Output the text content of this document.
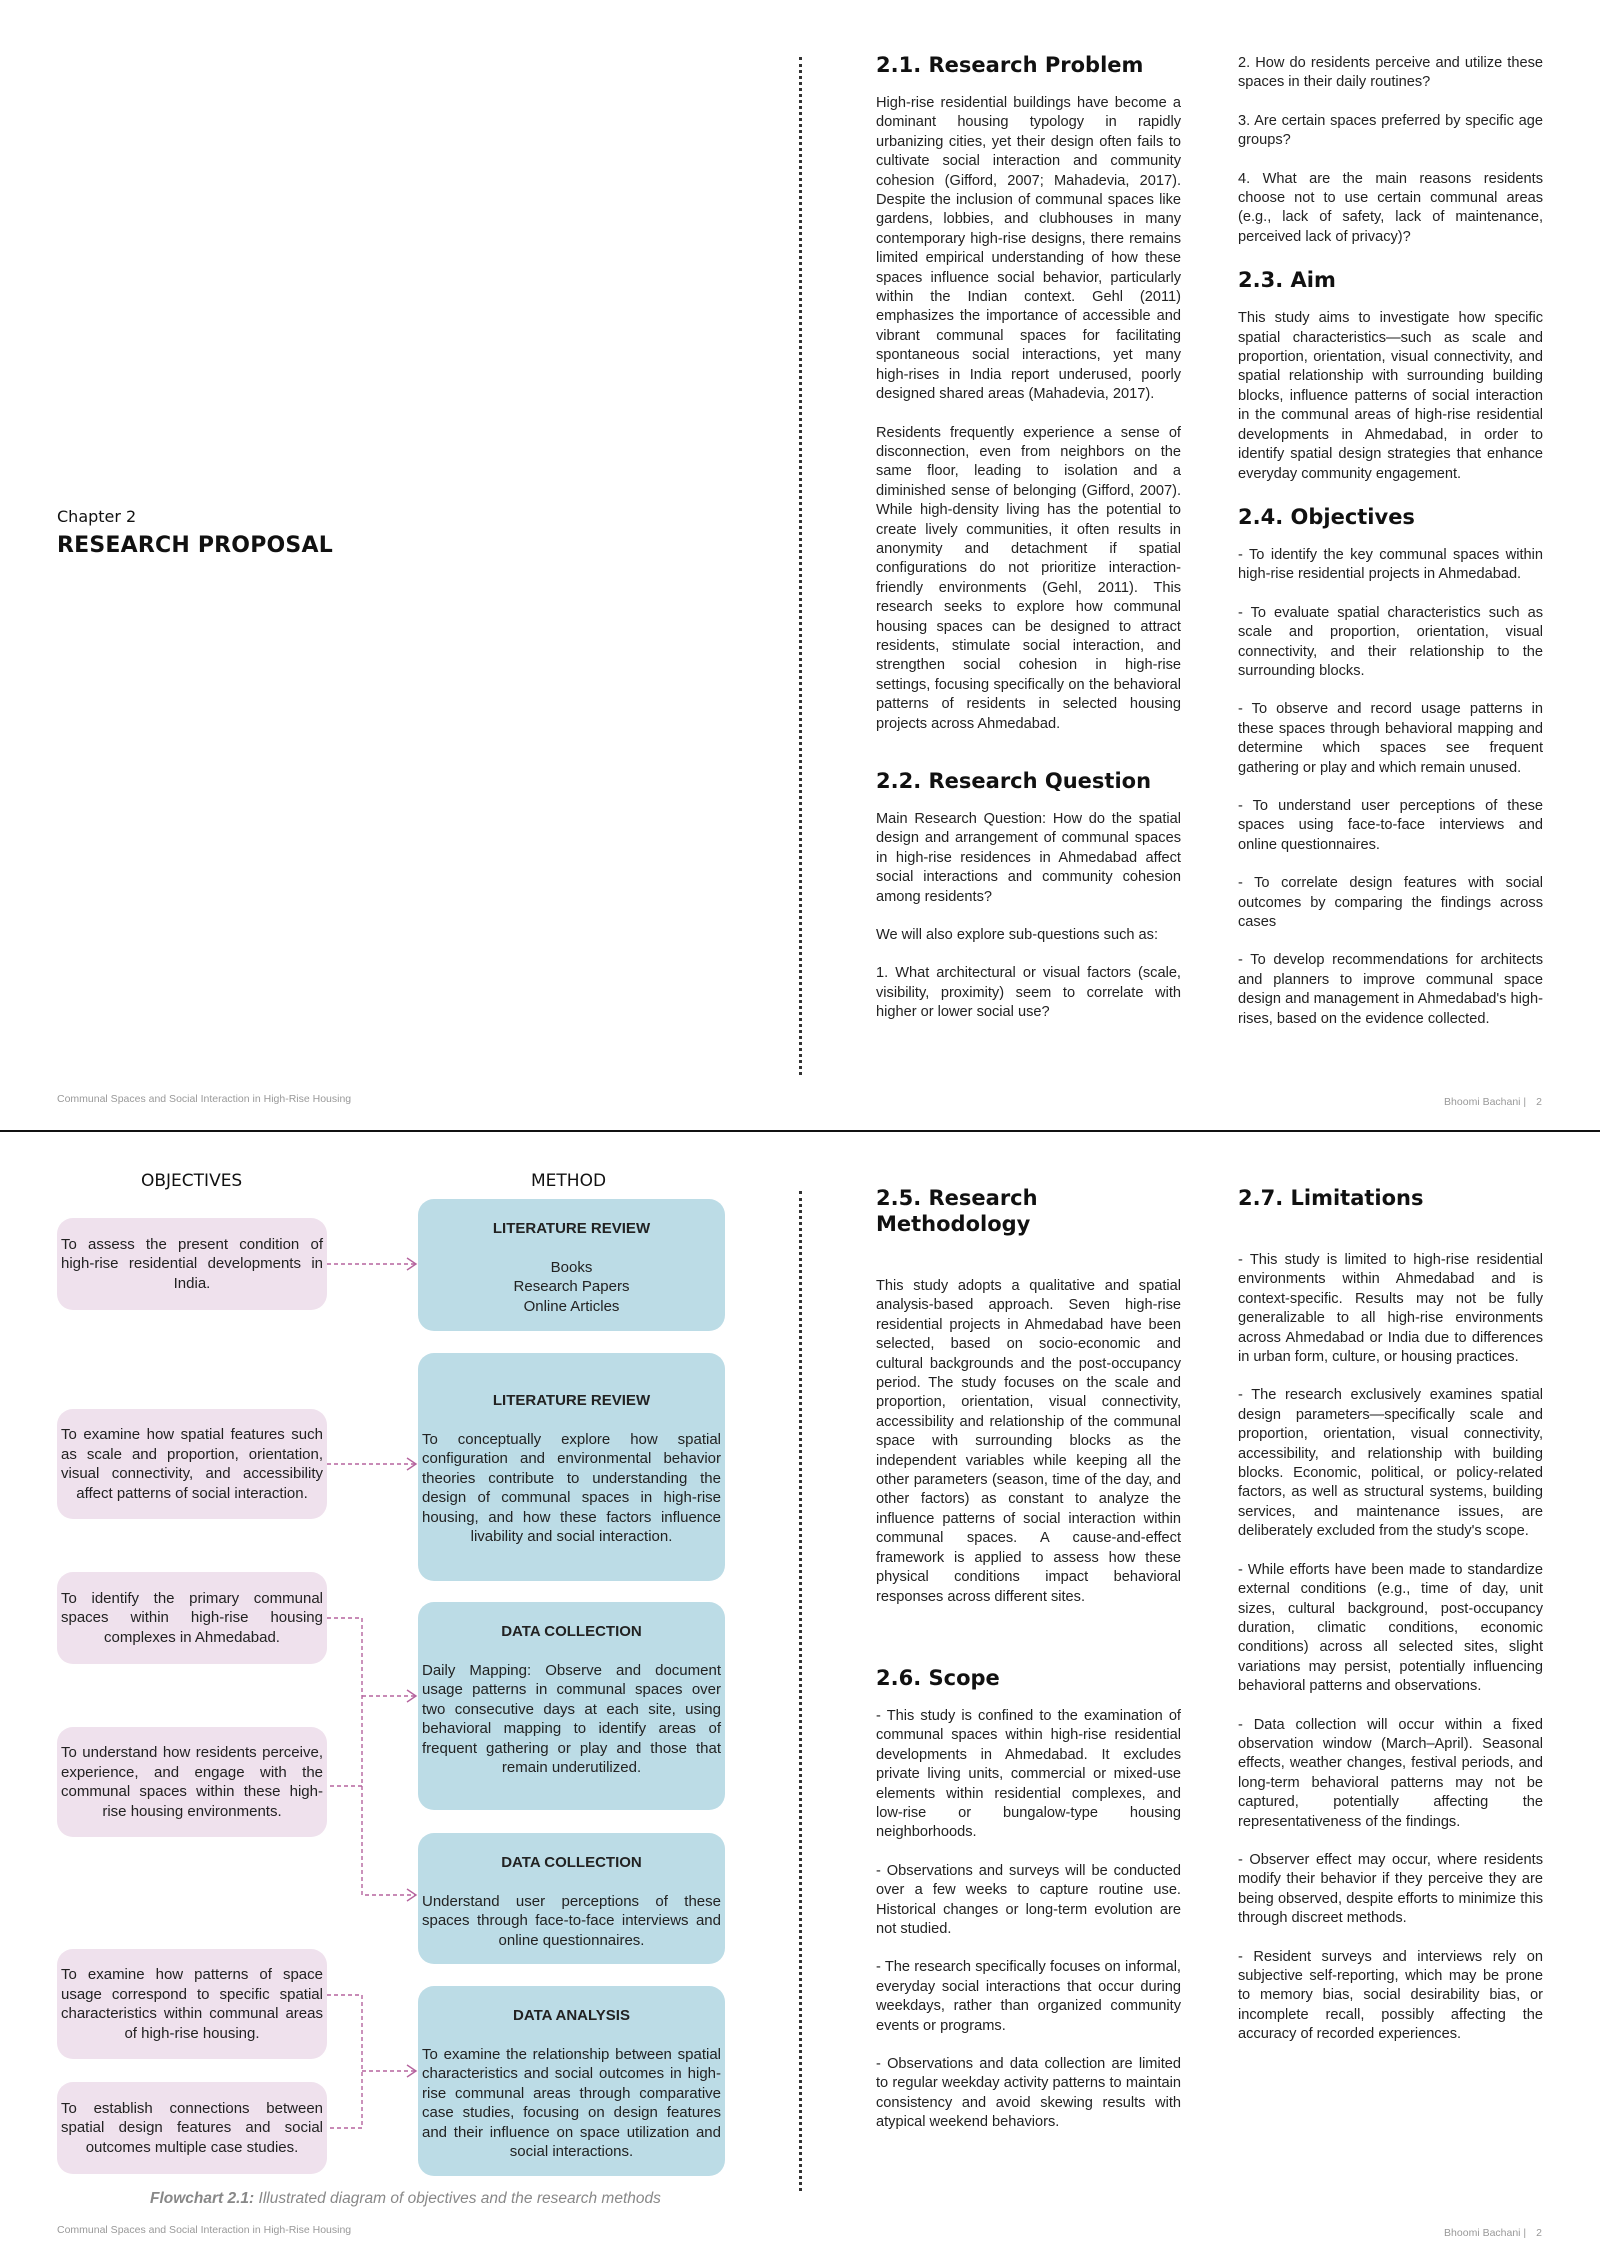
Chapter 2
RESEARCH PROPOSAL
2.1. Research Problem

High-rise residential buildings have become a dominant housing typology in rapidly urbanizing cities, yet their design often fails to cultivate social interaction and community cohesion (Gifford, 2007; Mahadevia, 2017). Despite the inclusion of communal spaces like gardens, lobbies, and clubhouses in many contemporary high-rise designs, there remains limited empirical understanding of how these spaces influence social behavior, particularly within the Indian context. Gehl (2011) emphasizes the importance of accessible and vibrant communal spaces for facilitating spontaneous social interactions, yet many high-rises in India report underused, poorly designed shared areas (Mahadevia, 2017).

Residents frequently experience a sense of disconnection, even from neighbors on the same floor, leading to isolation and a diminished sense of belonging (Gifford, 2007). While high-density living has the potential to create lively communities, it often results in anonymity and detachment if spatial configurations do not prioritize interaction-friendly environments (Gehl, 2011). This research seeks to explore how communal housing spaces can be designed to attract residents, stimulate social interaction, and strengthen social cohesion in high-rise settings, focusing specifically on the behavioral patterns of residents in selected housing projects across Ahmedabad.

2.2. Research Question

Main Research Question: How do the spatial design and arrangement of communal spaces in high-rise residences in Ahmedabad affect social interactions and community cohesion among residents?

We will also explore sub-questions such as:

1. What architectural or visual factors (scale, visibility, proximity) seem to correlate with higher or lower social use?

2. How do residents perceive and utilize these spaces in their daily routines?

3. Are certain spaces preferred by specific age groups?

4. What are the main reasons residents choose not to use certain communal areas (e.g., lack of safety, lack of maintenance, perceived lack of privacy)?

2.3. Aim

This study aims to investigate how specific spatial characteristics—such as scale and proportion, orientation, visual connectivity, and spatial relationship with surrounding building blocks, influence patterns of social interaction in the communal areas of high-rise residential developments in Ahmedabad, in order to identify spatial design strategies that enhance everyday community engagement.

2.4. Objectives

- To identify the key communal spaces within high-rise residential projects in Ahmedabad.

- To evaluate spatial characteristics such as scale and proportion, orientation, visual connectivity, and their relationship to the surrounding blocks.

- To observe and record usage patterns in these spaces through behavioral mapping and determine which spaces see frequent gathering or play and which remain unused.

- To understand user perceptions of these spaces using face-to-face interviews and online questionnaires.

- To correlate design features with social outcomes by comparing the findings across cases

- To develop recommendations for architects and planners to improve communal space design and management in Ahmedabad's high-rises, based on the evidence collected.

Communal Spaces and Social Interaction in High-Rise Housing	Bhoomi Bachani | 2
OBJECTIVES	METHOD
To assess the present condition of high-rise residential developments in India.
To examine how spatial features such as scale and proportion, orientation, visual connectivity, and accessibility affect patterns of social interaction.
To identify the primary communal spaces within high-rise housing complexes in Ahmedabad.
To understand how residents perceive, experience, and engage with the communal spaces within these high-rise housing environments.
To examine how patterns of space usage correspond to specific spatial characteristics within communal areas of high-rise housing.
To establish connections between spatial design features and social outcomes multiple case studies.
LITERATURE REVIEW
Books
Research Papers
Online Articles
LITERATURE REVIEW
To conceptually explore how spatial configuration and environmental behavior theories contribute to understanding the design of communal spaces in high-rise housing, and how these factors influence livability and social interaction.
DATA COLLECTION
Daily Mapping: Observe and document usage patterns in communal spaces over two consecutive days at each site, using behavioral mapping to identify areas of frequent gathering or play and those that remain underutilized.
DATA COLLECTION
Understand user perceptions of these spaces through face-to-face interviews and online questionnaires.
DATA ANALYSIS
To examine the relationship between spatial characteristics and social outcomes in high-rise communal areas through comparative case studies, focusing on design features and their influence on space utilization and social interactions.
Flowchart 2.1: Illustrated diagram of objectives and the research methods
2.5. Research Methodology

This study adopts a qualitative and spatial analysis-based approach. Seven high-rise residential projects in Ahmedabad have been selected, based on socio-economic and cultural backgrounds and the post-occupancy period. The study focuses on the scale and proportion, orientation, visual connectivity, accessibility and relationship of the communal space with surrounding blocks as the independent variables while keeping all the other parameters (season, time of the day, and other factors) as constant to analyze the influence patterns of social interaction within communal spaces. A cause-and-effect framework is applied to assess how these physical conditions impact behavioral responses across different sites.

2.6. Scope

- This study is confined to the examination of communal spaces within high-rise residential developments in Ahmedabad. It excludes private living units, commercial or mixed-use elements within residential complexes, and low-rise or bungalow-type housing neighborhoods.

- Observations and surveys will be conducted over a few weeks to capture routine use. Historical changes or long-term evolution are not studied.

- The research specifically focuses on informal, everyday social interactions that occur during weekdays, rather than organized community events or programs.

- Observations and data collection are limited to regular weekday activity patterns to maintain consistency and avoid skewing results with atypical weekend behaviors.

2.7. Limitations

- This study is limited to high-rise residential environments within Ahmedabad and is context-specific. Results may not be fully generalizable to all high-rise environments across Ahmedabad or India due to differences in urban form, culture, or housing practices.

- The research exclusively examines spatial design parameters—specifically scale and proportion, orientation, visual connectivity, accessibility, and relationship with building blocks. Economic, political, or policy-related factors, as well as structural systems, building services, and maintenance issues, are deliberately excluded from the study's scope.

- While efforts have been made to standardize external conditions (e.g., time of day, unit sizes, cultural background, post-occupancy duration, climatic conditions, economic conditions) across all selected sites, slight variations may persist, potentially influencing behavioral patterns and observations.

- Data collection will occur within a fixed observation window (March–April). Seasonal effects, weather changes, festival periods, and long-term behavioral patterns may not be captured, potentially affecting the representativeness of the findings.

- Observer effect may occur, where residents modify their behavior if they perceive they are being observed, despite efforts to minimize this through discreet methods.

- Resident surveys and interviews rely on subjective self-reporting, which may be prone to memory bias, social desirability bias, or incomplete recall, possibly affecting the accuracy of recorded experiences.

Communal Spaces and Social Interaction in High-Rise Housing	Bhoomi Bachani | 2
